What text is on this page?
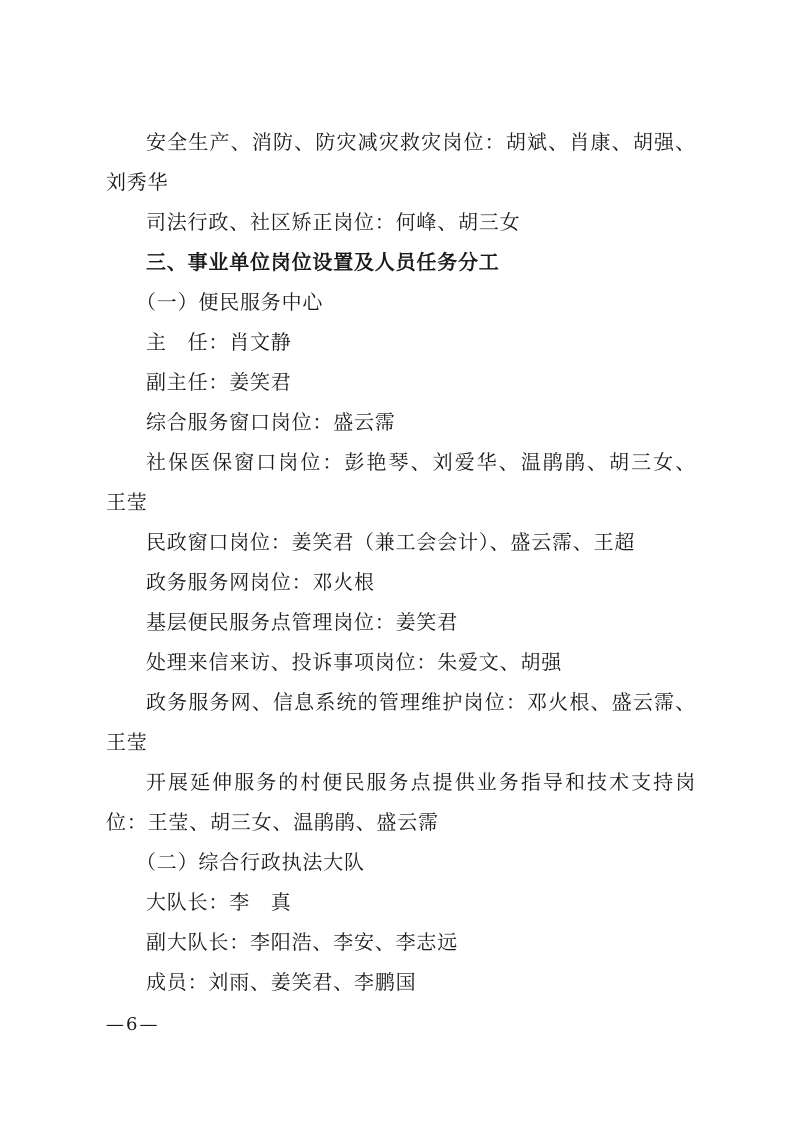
安全生产、消防、防灾减灾救灾岗位：胡斌、肖康、胡强、
刘秀华
司法行政、社区矫正岗位：何峰、胡三女
三、事业单位岗位设置及人员任务分工
（一）便民服务中心
主　任：肖文静
副主任：姜笑君
综合服务窗口岗位：盛云霈
社保医保窗口岗位：彭艳琴、刘爱华、温鹃鹃、胡三女、
王莹
民政窗口岗位：姜笑君（兼工会会计）、盛云霈、王超
政务服务网岗位：邓火根
基层便民服务点管理岗位：姜笑君
处理来信来访、投诉事项岗位：朱爱文、胡强
政务服务网、信息系统的管理维护岗位：邓火根、盛云霈、
王莹
开展延伸服务的村便民服务点提供业务指导和技术支持岗
位：王莹、胡三女、温鹃鹃、盛云霈
（二）综合行政执法大队
大队长：李　真
副大队长：李阳浩、李安、李志远
成员：刘雨、姜笑君、李鹏国
—6—
